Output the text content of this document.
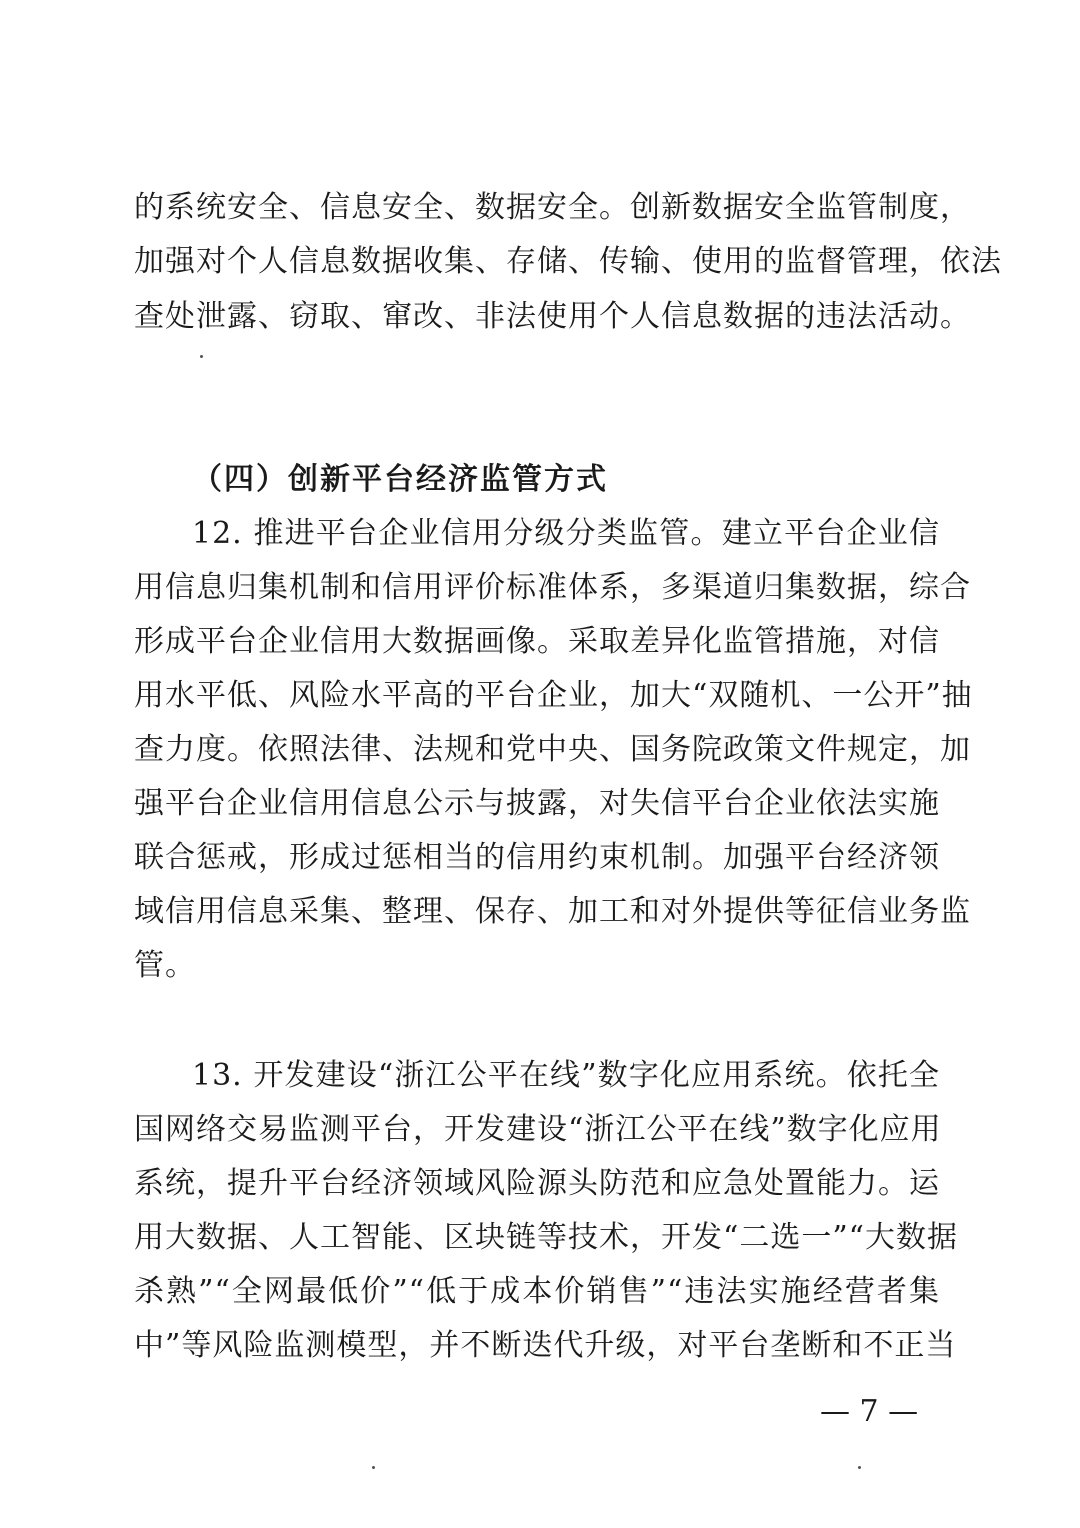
的系统安全、信息安全、数据安全。创新数据安全监管制度，
加强对个人信息数据收集、存储、传输、使用的监督管理，依法
查处泄露、窃取、窜改、非法使用个人信息数据的违法活动。
（四）创新平台经济监管方式
12. 推进平台企业信用分级分类监管。建立平台企业信
用信息归集机制和信用评价标准体系，多渠道归集数据，综合
形成平台企业信用大数据画像。采取差异化监管措施，对信
用水平低、风险水平高的平台企业，加大“双随机、一公开”抽
查力度。依照法律、法规和党中央、国务院政策文件规定，加
强平台企业信用信息公示与披露，对失信平台企业依法实施
联合惩戒，形成过惩相当的信用约束机制。加强平台经济领
域信用信息采集、整理、保存、加工和对外提供等征信业务监
管。
13. 开发建设“浙江公平在线”数字化应用系统。依托全
国网络交易监测平台，开发建设“浙江公平在线”数字化应用
系统，提升平台经济领域风险源头防范和应急处置能力。运
用大数据、人工智能、区块链等技术，开发“二选一”“大数据
杀熟”“全网最低价”“低于成本价销售”“违法实施经营者集
中”等风险监测模型，并不断迭代升级，对平台垄断和不正当
— 7 —
